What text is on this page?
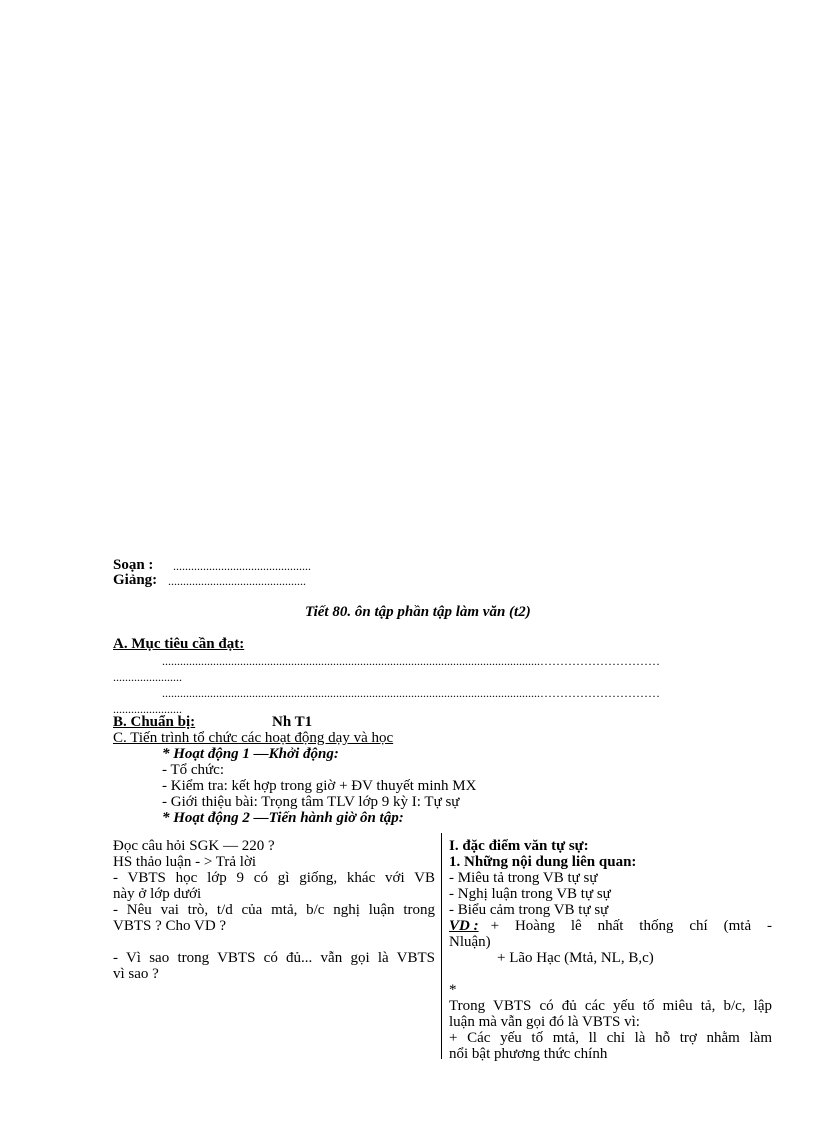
Soạn : ..............................................
Giảng: ..............................................
Tiết 80. ôn tập phần tập làm văn (t2)
A. Mục tiêu cần đạt:
..............................................................................................................................…………………………
.......................
..............................................................................................................................…………………………
.......................
B. Chuẩn bị:	Nh T1
C. Tiến trình tổ chức các hoạt động dạy và học
* Hoạt động 1 —Khởi động:
- Tổ chức:
- Kiểm tra: kết hợp trong giờ + ĐV thuyết minh MX
- Giới thiệu bài: Trọng tâm TLV lớp 9 kỳ I: Tự sự
* Hoạt động 2 —Tiến hành giờ ôn tập:
Đọc câu hỏi SGK — 220 ?
HS thảo luận - > Trả lời
- VBTS học lớp 9 có gì giống, khác với VB
này ở lớp dưới
- Nêu vai trò, t/d của mtả, b/c nghị luận trong
VBTS ? Cho VD ?
- Vì sao trong VBTS có đủ... vẫn gọi là VBTS
vì sao ?
I. đặc điểm văn tự sự:
1. Những nội dung liên quan:
- Miêu tả trong VB tự sự
- Nghị luận trong VB tự sự
- Biểu cảm trong VB tự sự
VD : + Hoàng lê nhất thống chí (mtả -
Nluận)
+ Lão Hạc (Mtả, NL, B,c)
*
Trong VBTS có đủ các yếu tố miêu tả, b/c, lập
luận mà vẫn gọi đó là VBTS vì:
+ Các yếu tố mtả, ll chỉ là hỗ trợ nhằm làm
nổi bật phương thức chính
